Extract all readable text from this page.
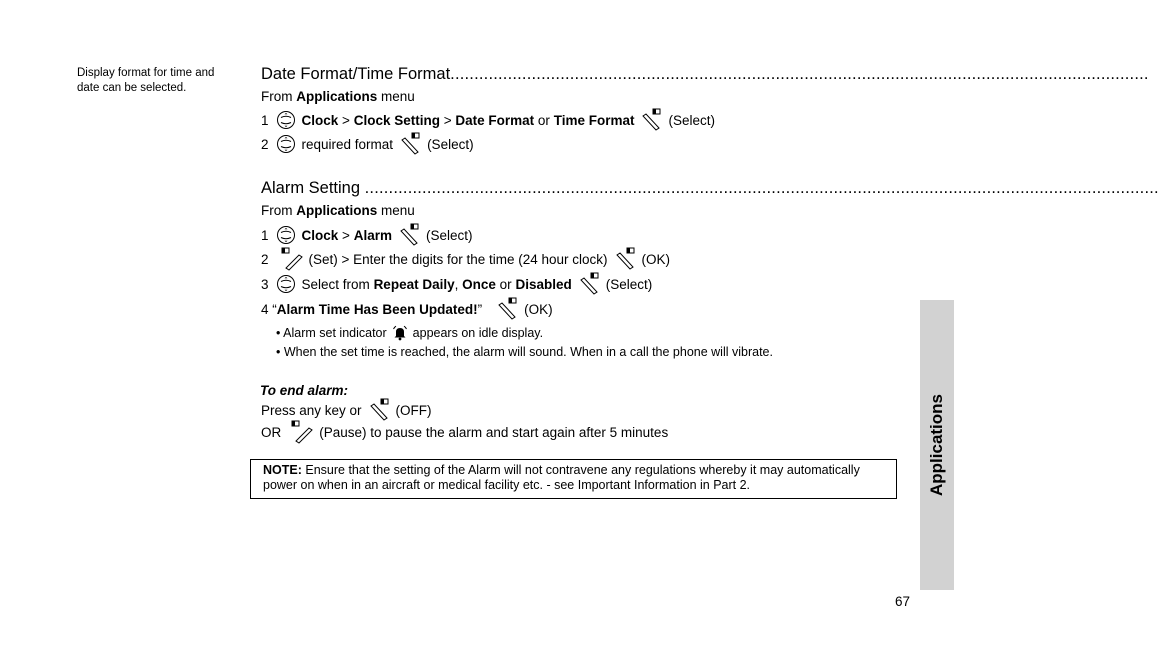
Display format for time and date can be selected.
Date Format/Time Format..................................................................................................................................................
From
Applications
menu
1 Clock
>
Clock Setting
>
Date Format
or
Time Format	(Select)
2 required format	(Select)
Alarm Setting ......................................................................................................................................................................
From
Applications
menu
1 Clock
>
Alarm	(Select)
2	(Set) > Enter the digits for the time (24 hour clock)	(OK)
3 Select from
Repeat Daily ,
Once
or
Disabled	(Select)
4
“ Alarm Time Has Been Updated! ”	(OK)
• Alarm set indicator appears on idle display.
• When the set time is reached, the alarm will sound. When in a call the phone will vibrate.
To end alarm:
Press any key or	(OFF)
OR	(Pause) to pause the alarm and start again after 5 minutes
NOTE: Ensure that the setting of the Alarm will not contravene any regulations whereby it may automatically power on when in an aircraft or medical facility etc. - see Important Information in Part 2.	Applications
67
